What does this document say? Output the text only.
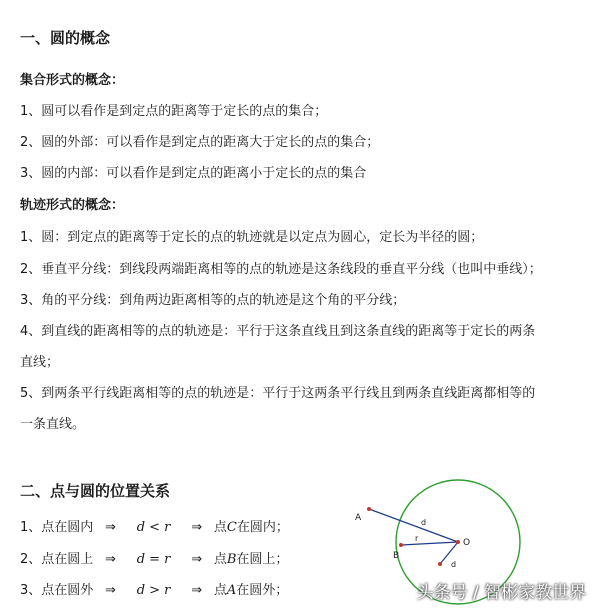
一、圆的概念
集合形式的概念：
1、圆可以看作是到定点的距离等于定长的点的集合；
2、圆的外部：可以看作是到定点的距离大于定长的点的集合；
3、圆的内部：可以看作是到定点的距离小于定长的点的集合
轨迹形式的概念：
1、圆：到定点的距离等于定长的点的轨迹就是以定点为圆心，定长为半径的圆；
2、垂直平分线：到线段两端距离相等的点的轨迹是这条线段的垂直平分线（也叫中垂线）；
3、角的平分线：到角两边距离相等的点的轨迹是这个角的平分线；
4、到直线的距离相等的点的轨迹是：平行于这条直线且到这条直线的距离等于定长的两条
直线；
5、到两条平行线距离相等的点的轨迹是：平行于这两条平行线且到两条直线距离都相等的
一条直线。
二、点与圆的位置关系
1、点在圆内 ⇒ d < r ⇒ 点C在圆内；
2、点在圆上 ⇒ d = r ⇒ 点B在圆上；
3、点在圆外 ⇒ d > r ⇒ 点A在圆外；
A	d
r
B
O
d
头条号 / 智彬家教世界
